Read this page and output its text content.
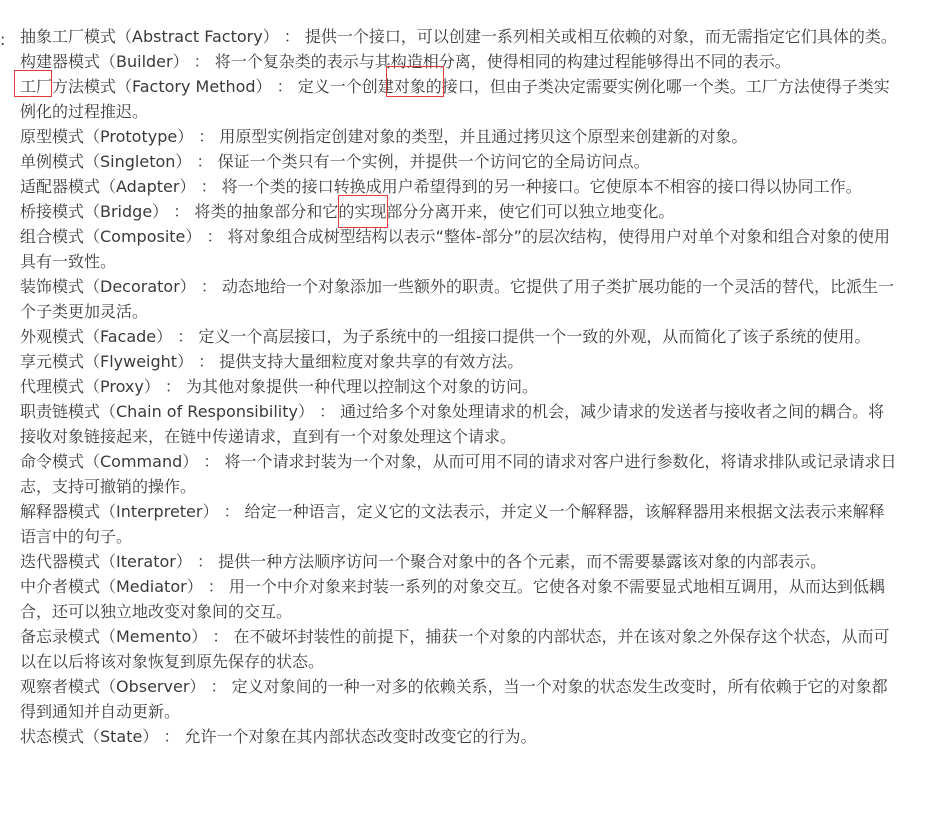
: 抽象工厂模式（Abstract Factory） ： 提供一个接口，可以创建一系列相关或相互依赖的对象，而无需指定它们具体的类。
构建器模式（Builder） ： 将一个复杂类的表示与其构造相分离，使得相同的构建过程能够得出不同的表示。
工厂方法模式（Factory Method） ： 定义一个创建对象的接口，但由子类决定需要实例化哪一个类。工厂方法使得子类实例化的过程推迟。
原型模式（Prototype） ： 用原型实例指定创建对象的类型，并且通过拷贝这个原型来创建新的对象。
单例模式（Singleton） ： 保证一个类只有一个实例，并提供一个访问它的全局访问点。
适配器模式（Adapter） ： 将一个类的接口转换成用户希望得到的另一种接口。它使原本不相容的接口得以协同工作。
桥接模式（Bridge） ： 将类的抽象部分和它的实现部分分离开来，使它们可以独立地变化。
组合模式（Composite） ： 将对象组合成树型结构以表示“整体-部分”的层次结构，使得用户对单个对象和组合对象的使用具有一致性。
装饰模式（Decorator） ： 动态地给一个对象添加一些额外的职责。它提供了用子类扩展功能的一个灵活的替代，比派生一个子类更加灵活。
外观模式（Facade） ： 定义一个高层接口，为子系统中的一组接口提供一个一致的外观，从而简化了该子系统的使用。
享元模式（Flyweight） ： 提供支持大量细粒度对象共享的有效方法。
代理模式（Proxy） ： 为其他对象提供一种代理以控制这个对象的访问。
职责链模式（Chain of Responsibility） ： 通过给多个对象处理请求的机会，减少请求的发送者与接收者之间的耦合。将接收对象链接起来，在链中传递请求，直到有一个对象处理这个请求。
命令模式（Command） ： 将一个请求封装为一个对象，从而可用不同的请求对客户进行参数化，将请求排队或记录请求日志，支持可撤销的操作。
解释器模式（Interpreter） ： 给定一种语言，定义它的文法表示，并定义一个解释器，该解释器用来根据文法表示来解释语言中的句子。
迭代器模式（Iterator） ： 提供一种方法顺序访问一个聚合对象中的各个元素，而不需要暴露该对象的内部表示。
中介者模式（Mediator） ： 用一个中介对象来封装一系列的对象交互。它使各对象不需要显式地相互调用，从而达到低耦合，还可以独立地改变对象间的交互。
备忘录模式（Memento） ： 在不破坏封装性的前提下，捕获一个对象的内部状态，并在该对象之外保存这个状态，从而可以在以后将该对象恢复到原先保存的状态。
观察者模式（Observer） ： 定义对象间的一种一对多的依赖关系，当一个对象的状态发生改变时，所有依赖于它的对象都得到通知并自动更新。
状态模式（State） ： 允许一个对象在其内部状态改变时改变它的行为。
